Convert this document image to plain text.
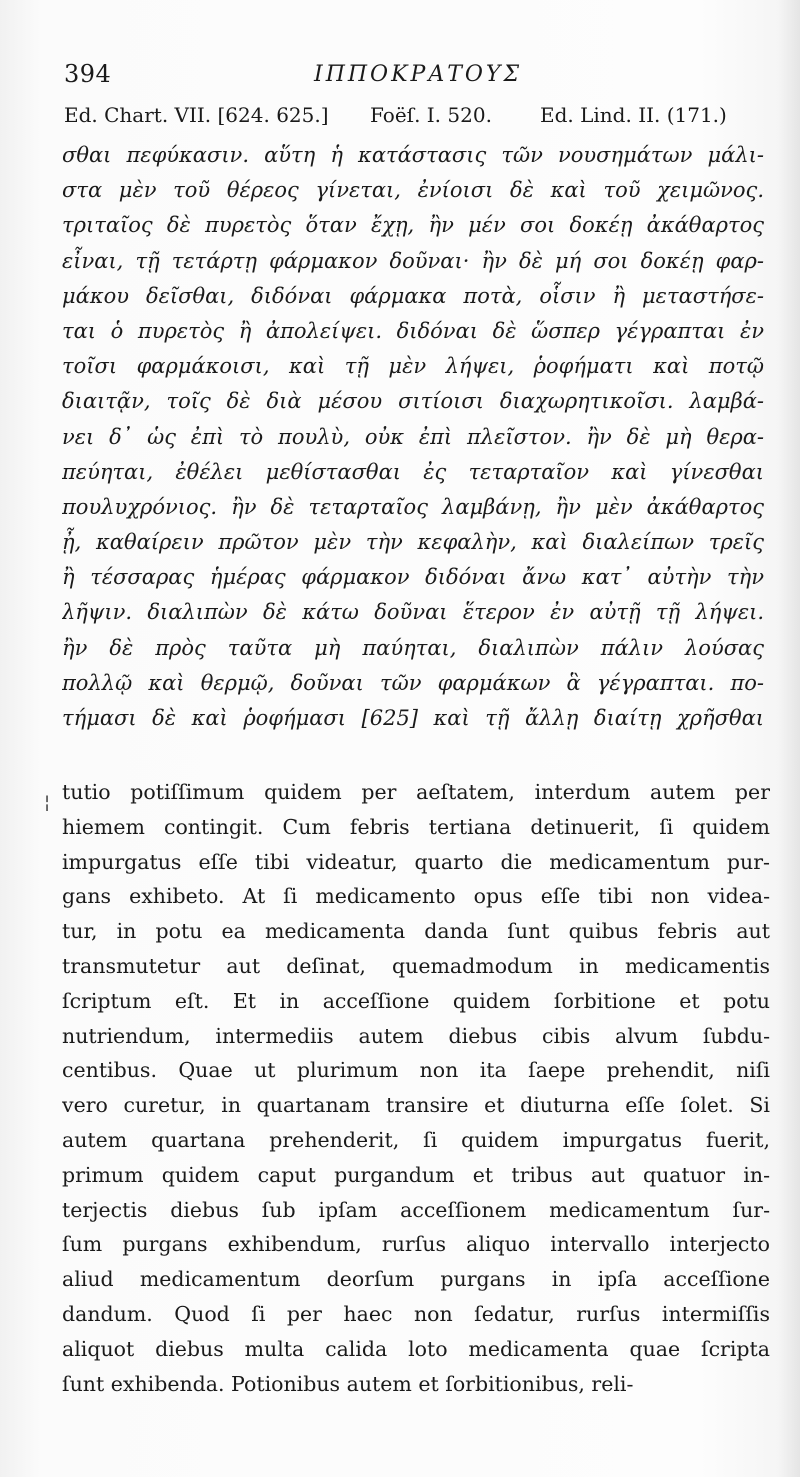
394	ΙΠΠΟΚΡΑΤΟΥΣ
Ed. Chart. VII. [624. 625.] Foëſ. I. 520. Ed. Lind. II. (171.)
σθαι πεφύκασιν. αὕτη ἡ κατάστασις τῶν νουσημάτων μάλι-
στα μὲν τοῦ θέρεος γίνεται, ἐνίοισι δὲ καὶ τοῦ χειμῶνος.
τριταῖος δὲ πυρετὸς ὅταν ἔχῃ, ἢν μέν σοι δοκέῃ ἀκάθαρτος
εἶναι, τῇ τετάρτῃ φάρμακον δοῦναι· ἢν δὲ μή σοι δοκέῃ φαρ-
μάκου δεῖσθαι, διδόναι φάρμακα ποτὰ, οἷσιν ἢ μεταστήσε-
ται ὁ πυρετὸς ἢ ἀπολείψει. διδόναι δὲ ὥσπερ γέγραπται ἐν
τοῖσι φαρμάκοισι, καὶ τῇ μὲν λήψει, ῥοφήματι καὶ ποτῷ
διαιτᾷν, τοῖς δὲ διὰ μέσου σιτίοισι διαχωρητικοῖσι. λαμβά-
νει δ᾽ ὡς ἐπὶ τὸ πουλὺ, οὐκ ἐπὶ πλεῖστον. ἢν δὲ μὴ θερα-
πεύηται, ἐθέλει μεθίστασθαι ἐς τεταρταῖον καὶ γίνεσθαι
πουλυχρόνιος. ἢν δὲ τεταρταῖος λαμβάνῃ, ἢν μὲν ἀκάθαρτος
ᾖ, καθαίρειν πρῶτον μὲν τὴν κεφαλὴν, καὶ διαλείπων τρεῖς
ἢ τέσσαρας ἡμέρας φάρμακον διδόναι ἄνω κατ᾽ αὐτὴν τὴν
λῆψιν. διαλιπὼν δὲ κάτω δοῦναι ἕτερον ἐν αὐτῇ τῇ λήψει.
ἢν δὲ πρὸς ταῦτα μὴ παύηται, διαλιπὼν πάλιν λούσας
πολλῷ καὶ θερμῷ, δοῦναι τῶν φαρμάκων ἃ γέγραπται. πο-
τήμασι δὲ καὶ ῥοφήμασι [625] καὶ τῇ ἄλλῃ διαίτῃ χρῆσθαι
¦ tutio potiſſimum quidem per aeſtatem, interdum autem per
hiemem contingit. Cum febris tertiana detinuerit, ſi quidem
impurgatus eſſe tibi videatur, quarto die medicamentum pur-
gans exhibeto. At ſi medicamento opus eſſe tibi non videa-
tur, in potu ea medicamenta danda ſunt quibus febris aut
transmutetur aut deſinat, quemadmodum in medicamentis
ſcriptum eſt. Et in acceſſione quidem ſorbitione et potu
nutriendum, intermediis autem diebus cibis alvum ſubdu-
centibus. Quae ut plurimum non ita ſaepe prehendit, niſi
vero curetur, in quartanam transire et diuturna eſſe ſolet. Si
autem quartana prehenderit, ſi quidem impurgatus fuerit,
primum quidem caput purgandum et tribus aut quatuor in-
terjectis diebus ſub ipſam acceſſionem medicamentum ſur-
ſum purgans exhibendum, rurſus aliquo intervallo interjecto
aliud medicamentum deorſum purgans in ipſa acceſſione
dandum. Quod ſi per haec non ſedatur, rurſus intermiſſis
aliquot diebus multa calida loto medicamenta quae ſcripta
ſunt exhibenda. Potionibus autem et ſorbitionibus, reli-
